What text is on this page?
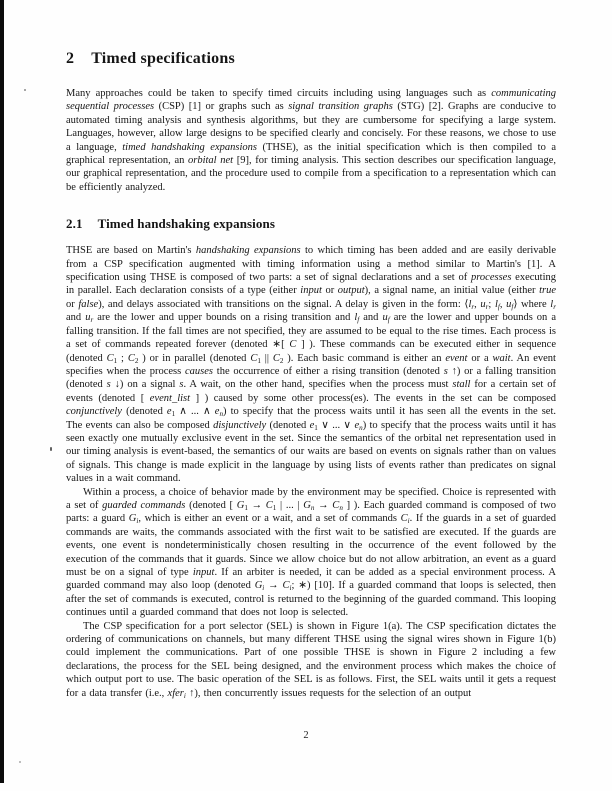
2 Timed specifications

Many approaches could be taken to specify timed circuits including using languages such as communicating sequential processes (CSP) [1] or graphs such as signal transition graphs (STG) [2]. Graphs are conducive to automated timing analysis and synthesis algorithms, but they are cumbersome for specifying a large system. Languages, however, allow large designs to be specified clearly and concisely. For these reasons, we chose to use a language, timed handshaking expansions (THSE), as the initial specification which is then compiled to a graphical representation, an orbital net [9], for timing analysis. This section describes our specification language, our graphical representation, and the procedure used to compile from a specification to a representation which can be efficiently analyzed.

2.1 Timed handshaking expansions

THSE are based on Martin's handshaking expansions to which timing has been added and are easily derivable from a CSP specification augmented with timing information using a method similar to Martin's [1]. A specification using THSE is composed of two parts: a set of signal declarations and a set of processes executing in parallel. Each declaration consists of a type (either input or output), a signal name, an initial value (either true or false), and delays associated with transitions on the signal. A delay is given in the form: $⟨l_r$, $u_r$; $l_f$, $u_f⟩$ where $l_r$ and $u_r$ are the lower and upper bounds on a rising transition and $l_f$ and $u_f$ are the lower and upper bounds on a falling transition. If the fall times are not specified, they are assumed to be equal to the rise times. Each process is a set of commands repeated forever (denoted ∗[ C ] ). These commands can be executed either in sequence (denoted $C_1$ ; $C_2$ ) or in parallel (denoted $C_1$ || $C_2$ ). Each basic command is either an event or a wait. An event specifies when the process causes the occurrence of either a rising transition (denoted s ↑) or a falling transition (denoted s ↓) on a signal s. A wait, on the other hand, specifies when the process must stall for a certain set of events (denoted [ event_list ] ) caused by some other process(es). The events in the set can be composed conjunctively (denoted $e_1$ ∧ ... ∧ $e_n$) to specify that the process waits until it has seen all the events in the set. The events can also be composed disjunctively (denoted $e_1$ ∨ ... ∨ $e_n$) to specify that the process waits until it has seen exactly one mutually exclusive event in the set. Since the semantics of the orbital net representation used in our timing analysis is event-based, the semantics of our waits are based on events on signals rather than on values of signals. This change is made explicit in the language by using lists of events rather than predicates on signal values in a wait command.

Within a process, a choice of behavior made by the environment may be specified. Choice is represented with a set of guarded commands (denoted [ $G_1 \to C_1$ | ... | $G_n \to C_n$ ] ). Each guarded command is composed of two parts: a guard $G_i$, which is either an event or a wait, and a set of commands $C_i$. If the guards in a set of guarded commands are waits, the commands associated with the first wait to be satisfied are executed. If the guards are events, one event is nondeterministically chosen resulting in the occurrence of the event followed by the execution of the commands that it guards. Since we allow choice but do not allow arbitration, an event as a guard must be on a signal of type input. If an arbiter is needed, it can be added as a special environment process. A guarded command may also loop (denoted $G_i \to C_i$; ∗) [10]. If a guarded command that loops is selected, then after the set of commands is executed, control is returned to the beginning of the guarded command. This looping continues until a guarded command that does not loop is selected.

The CSP specification for a port selector (SEL) is shown in Figure 1(a). The CSP specification dictates the ordering of communications on channels, but many different THSE using the signal wires shown in Figure 1(b) could implement the communications. Part of one possible THSE is shown in Figure 2 including a few declarations, the process for the SEL being designed, and the environment process which makes the choice of which output port to use. The basic operation of the SEL is as follows. First, the SEL waits until it gets a request for a data transfer (i.e., xfer$_i$ ↑), then concurrently issues requests for the selection of an output

2
